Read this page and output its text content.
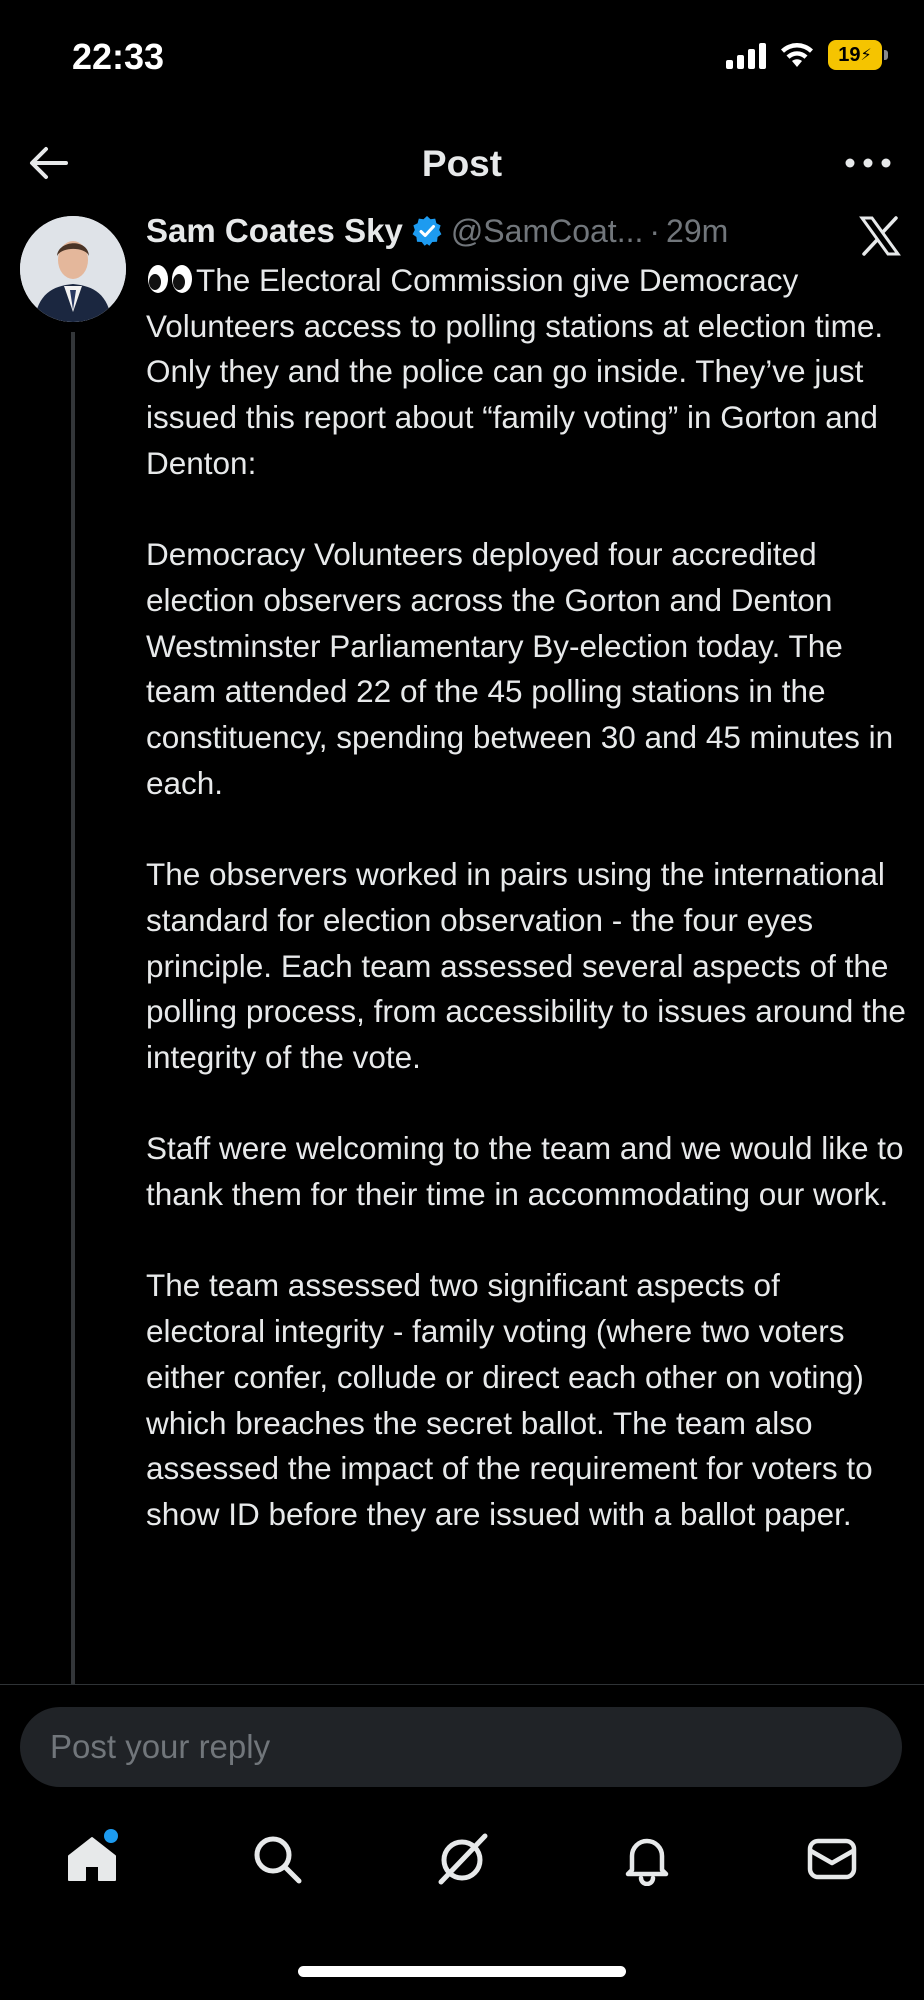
22:33	19 ⚡
Post
Sam Coates Sky @SamCoat... · 29m

The Electoral Commission give Democracy Volunteers access to polling stations at election time. Only they and the police can go inside. They’ve just issued this report about “family voting” in Gorton and Denton:

Democracy Volunteers deployed four accredited election observers across the Gorton and Denton Westminster Parliamentary By-election today. The team attended 22 of the 45 polling stations in the constituency, spending between 30 and 45 minutes in each.

The observers worked in pairs using the international standard for election observation - the four eyes principle. Each team assessed several aspects of the polling process, from accessibility to issues around the integrity of the vote.

Staff were welcoming to the team and we would like to thank them for their time in accommodating our work.

The team assessed two significant aspects of electoral integrity - family voting (where two voters either confer, collude or direct each other on voting) which breaches the secret ballot. The team also assessed the impact of the requirement for voters to show ID before they are issued with a ballot paper.

Post your reply
